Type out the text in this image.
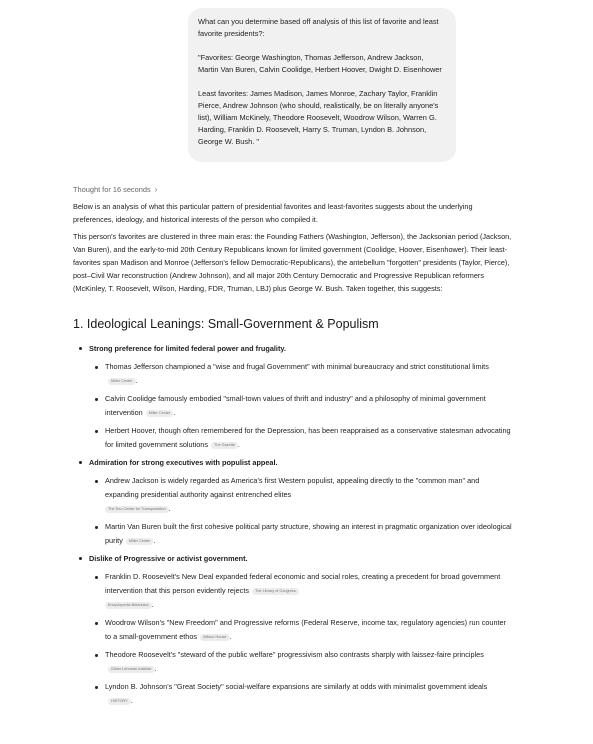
What can you determine based off analysis of this list of favorite and least favorite presidents?:

"Favorites: George Washington, Thomas Jefferson, Andrew Jackson, Martin Van Buren, Calvin Coolidge, Herbert Hoover, Dwight D. Eisenhower

Least favorites: James Madison, James Monroe, Zachary Taylor, Franklin Pierce, Andrew Johnson (who should, realistically, be on literally anyone's list), William McKinely, Theodore Roosevelt, Woodrow Wilson, Warren G. Harding, Franklin D. Roosevelt, Harry S. Truman, Lyndon B. Johnson, George W. Bush. "

Thought for 16 seconds ›

Below is an analysis of what this particular pattern of presidential favorites and least-favorites suggests about the underlying preferences, ideology, and historical interests of the person who compiled it.

This person's favorites are clustered in three main eras: the Founding Fathers (Washington, Jefferson), the Jacksonian period (Jackson, Van Buren), and the early-to-mid 20th Century Republicans known for limited government (Coolidge, Hoover, Eisenhower). Their least-favorites span Madison and Monroe (Jefferson's fellow Democratic-Republicans), the antebellum "forgotten" presidents (Taylor, Pierce), post–Civil War reconstruction (Andrew Johnson), and all major 20th Century Democratic and Progressive Republican reformers (McKinley, T. Roosevelt, Wilson, Harding, FDR, Truman, LBJ) plus George W. Bush. Taken together, this suggests:

1. Ideological Leanings: Small-Government & Populism
Strong preference for limited federal power and frugality.
Thomas Jefferson championed a "wise and frugal Government" with minimal bureaucracy and strict constitutional limitsMiller Center .
Calvin Coolidge famously embodied "small-town values of thrift and industry" and a philosophy of minimal government intervention Miller Center .
Herbert Hoover, though often remembered for the Depression, has been reappraised as a conservative statesman advocating for limited government solutions The Gazette .
Admiration for strong executives with populist appeal.
Andrew Jackson is widely regarded as America's first Western populist, appealing directly to the "common man" and expanding presidential authority against entrenched elites
The Eno Center for Transportation .
Martin Van Buren built the first cohesive political party structure, showing an interest in pragmatic organization over ideological purity Miller Center .
Dislike of Progressive or activist government.
Franklin D. Roosevelt's New Deal expanded federal economic and social roles, creating a precedent for broad government intervention that this person evidently rejects The Library of Congress
Encyclopedia Britannica .
Woodrow Wilson's "New Freedom" and Progressive reforms (Federal Reserve, income tax, regulatory agencies) run counter to a small-government ethos Wilson House .
Theodore Roosevelt's "steward of the public welfare" progressivism also contrasts sharply with laissez-faire principlesGilder Lehrman Institute .
Lyndon B. Johnson's "Great Society" social-welfare expansions are similarly at odds with minimalist government idealsHISTORY .
